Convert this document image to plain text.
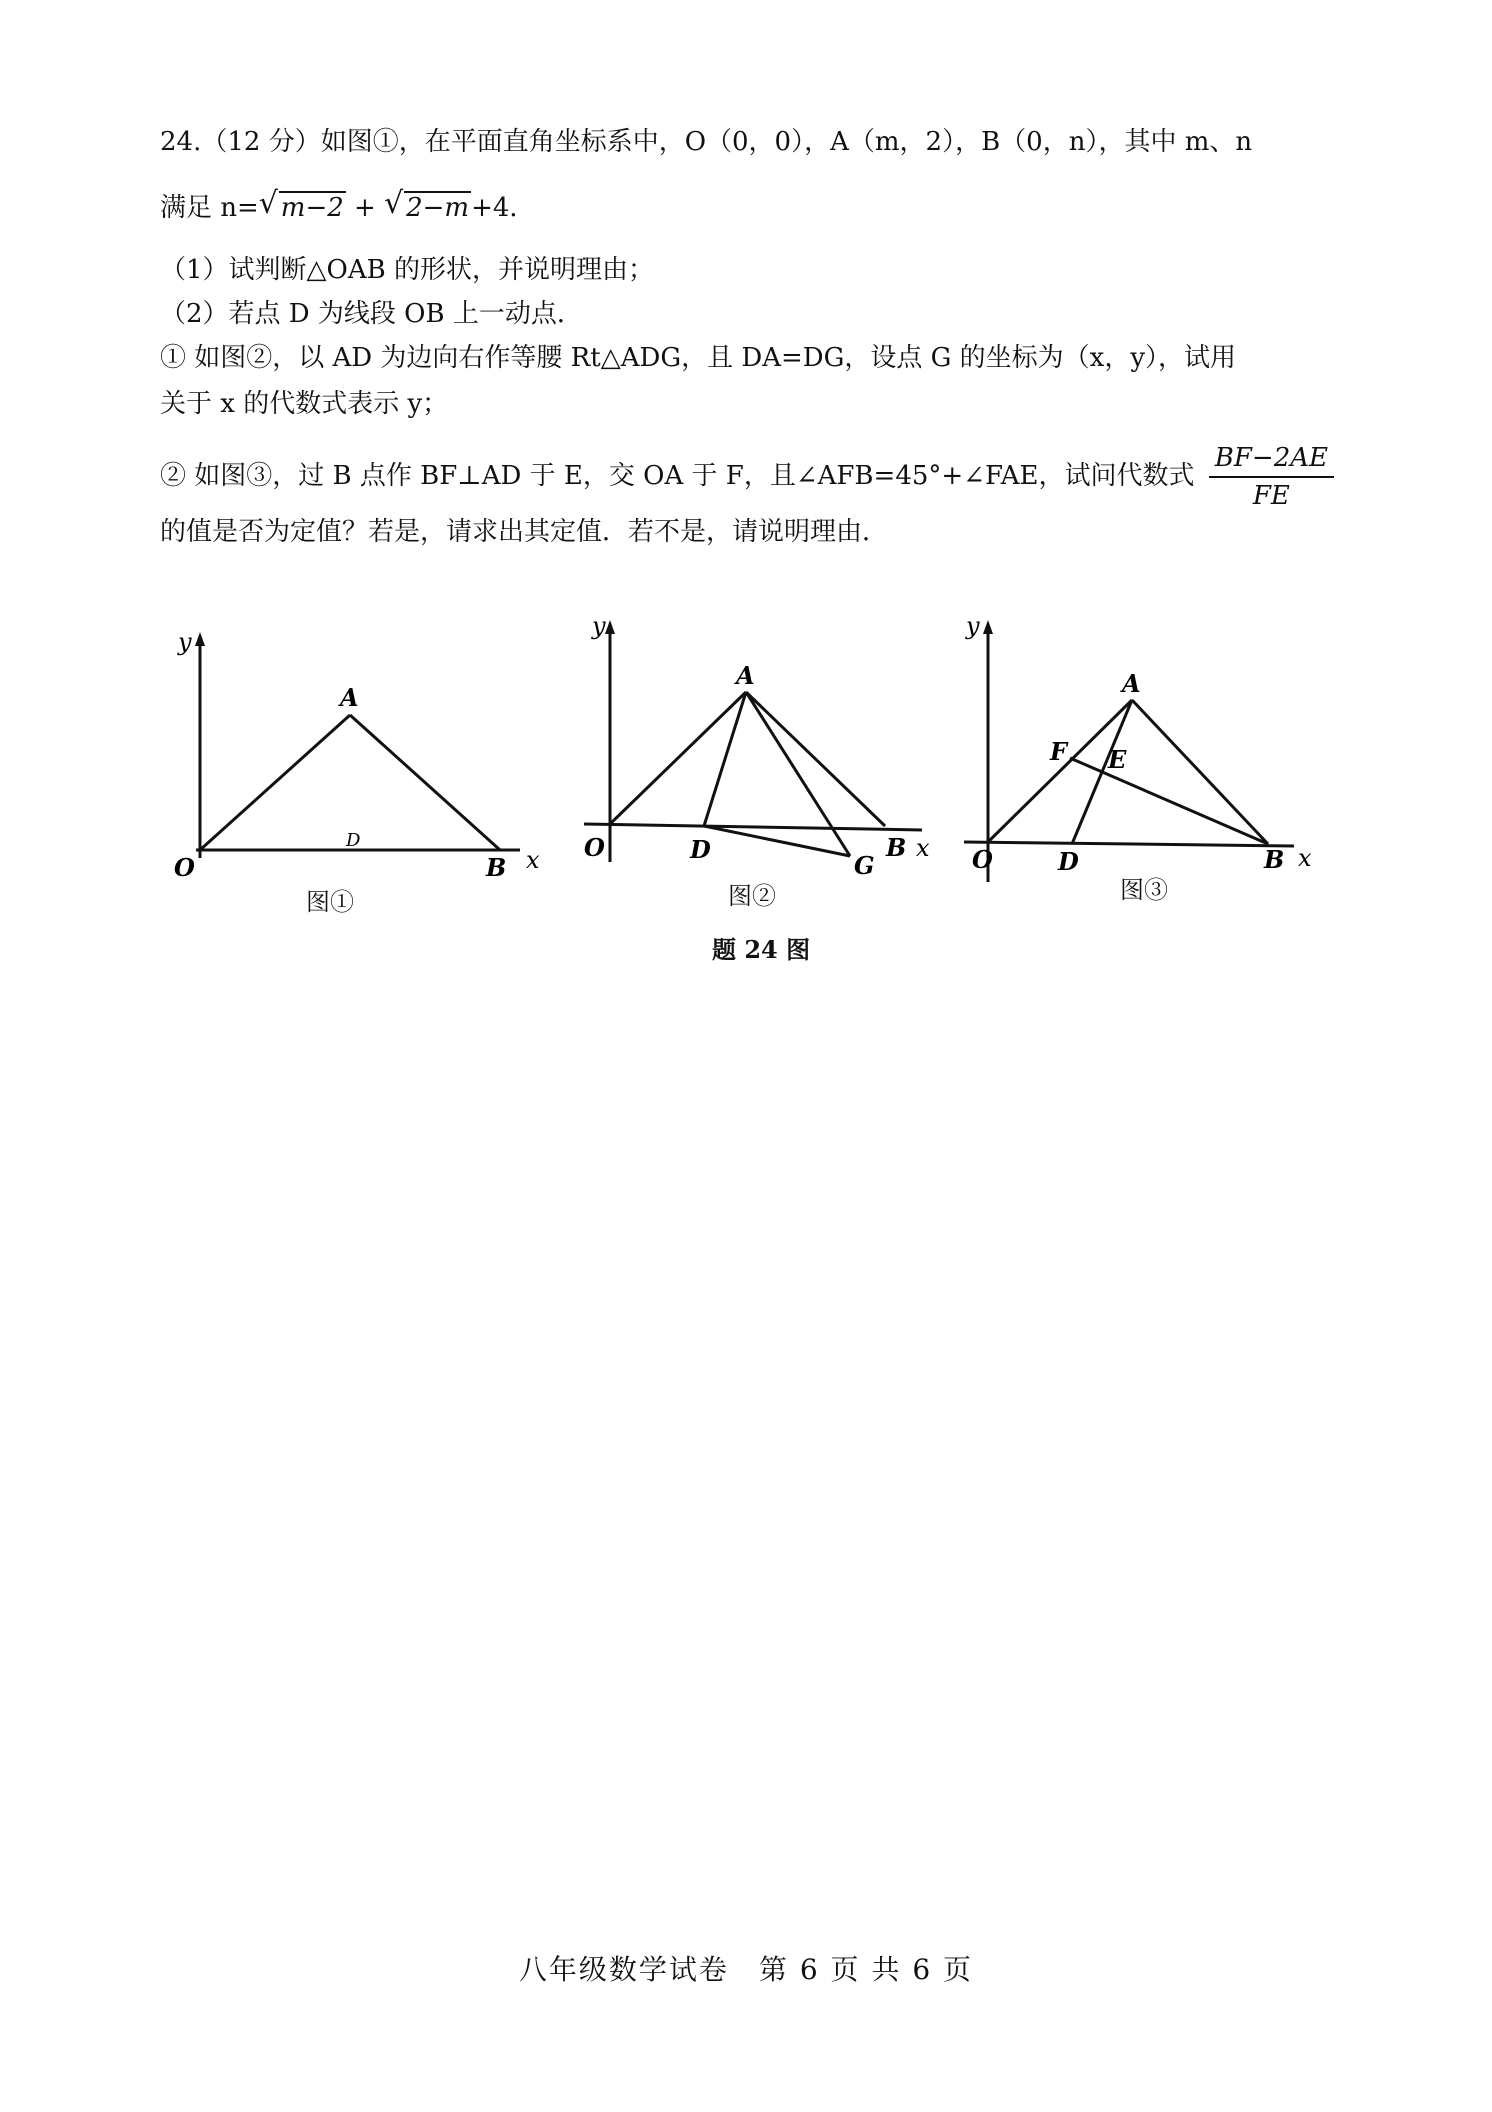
24.（12 分）如图①，在平面直角坐标系中，O（0，0），A（m，2），B（0，n），其中 m、n
满足 n= √ m−2 + √ 2−m+4．
（1）试判断△OAB 的形状，并说明理由；
（2）若点 D 为线段 OB 上一动点．
① 如图②，以 AD 为边向右作等腰 Rt△ADG，且 DA=DG，设点 G 的坐标为（x，y），试用
关于 x 的代数式表示 y；
② 如图③，过 B 点作 BF⊥AD 于 E，交 OA 于 F，且∠AFB=45°+∠FAE，试问代数式 $\frac{BF-2AE}{FE}$
的值是否为定值？若是，请求出其定值．若不是，请说明理由．
y
x
O
A
B
D
图①
y
x
O
A
B
D
G
图②
y
x
O
A
B
D
E
F
图③
题 24 图
八年级数学试卷　第 6 页 共 6 页
